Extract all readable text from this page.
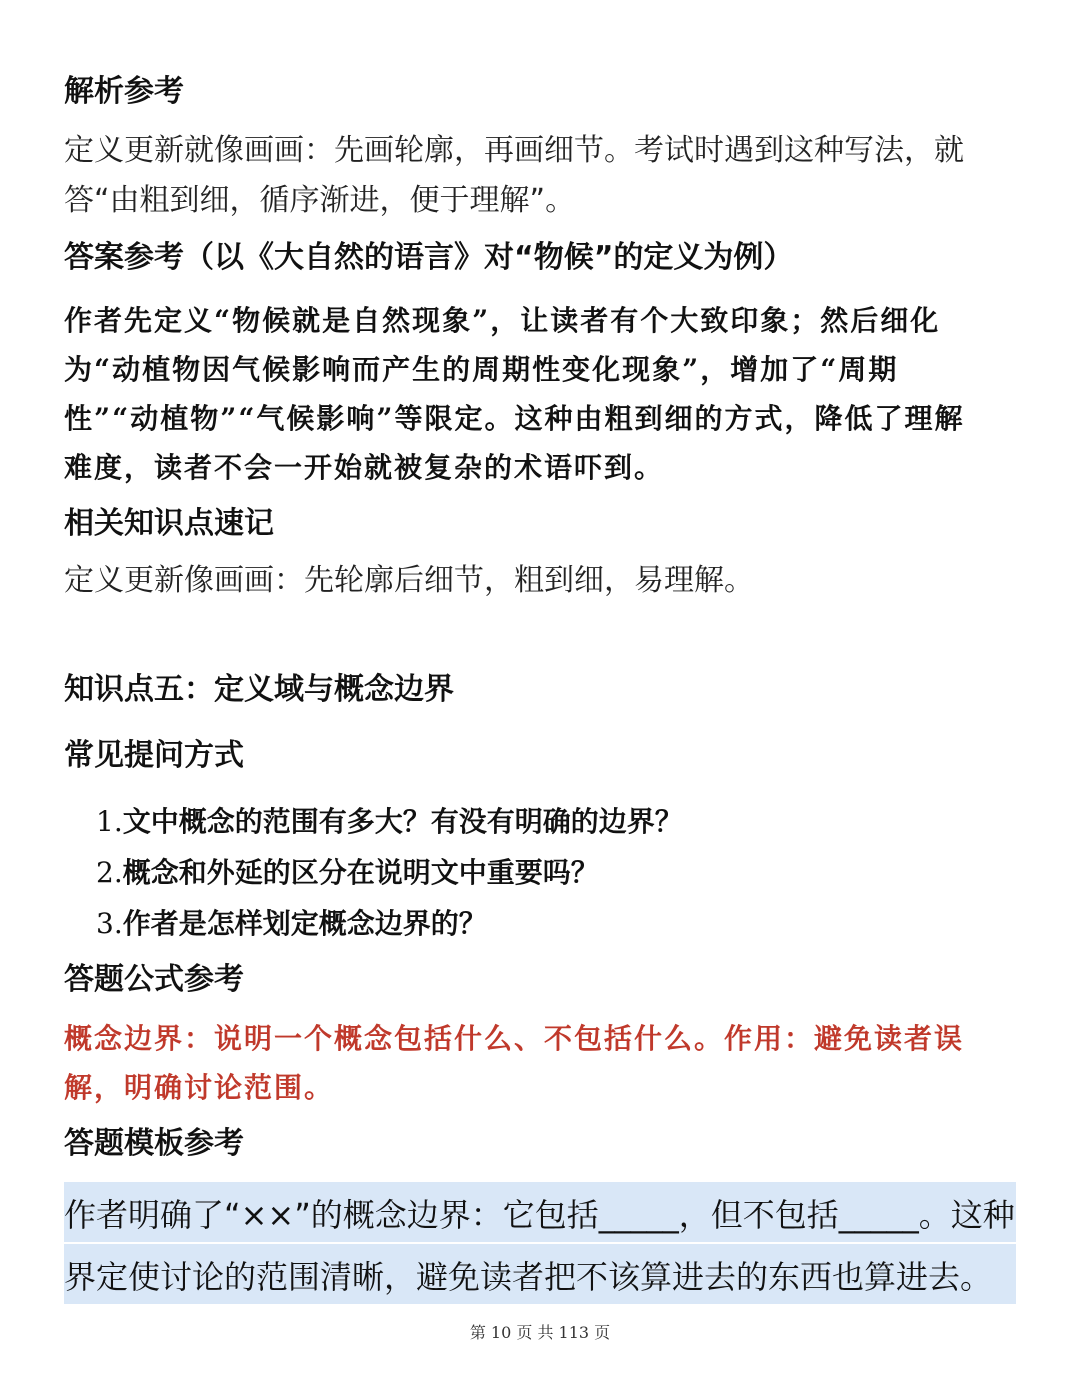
解析参考

定义更新就像画画：先画轮廓，再画细节。考试时遇到这种写法，就答“由粗到细，循序渐进，便于理解”。

答案参考（以《大自然的语言》对“物候”的定义为例）

作者先定义“物候就是自然现象”，让读者有个大致印象；然后细化为“动植物因气候影响而产生的周期性变化现象”，增加了“周期性”“动植物”“气候影响”等限定。这种由粗到细的方式，降低了理解难度，读者不会一开始就被复杂的术语吓到。

相关知识点速记

定义更新像画画：先轮廓后细节，粗到细，易理解。

知识点五：定义域与概念边界
常见提问方式
1.文中概念的范围有多大？有没有明确的边界？
2.概念和外延的区分在说明文中重要吗？
3.作者是怎样划定概念边界的？
答题公式参考

概念边界：说明一个概念包括什么、不包括什么。作用：避免读者误解，明确讨论范围。

答题模板参考

作者明确了“××”的概念边界：它包括_____，但不包括_____。这种界定使讨论的范围清晰，避免读者把不该算进去的东西也算进去。

第 10 页 共 113 页
